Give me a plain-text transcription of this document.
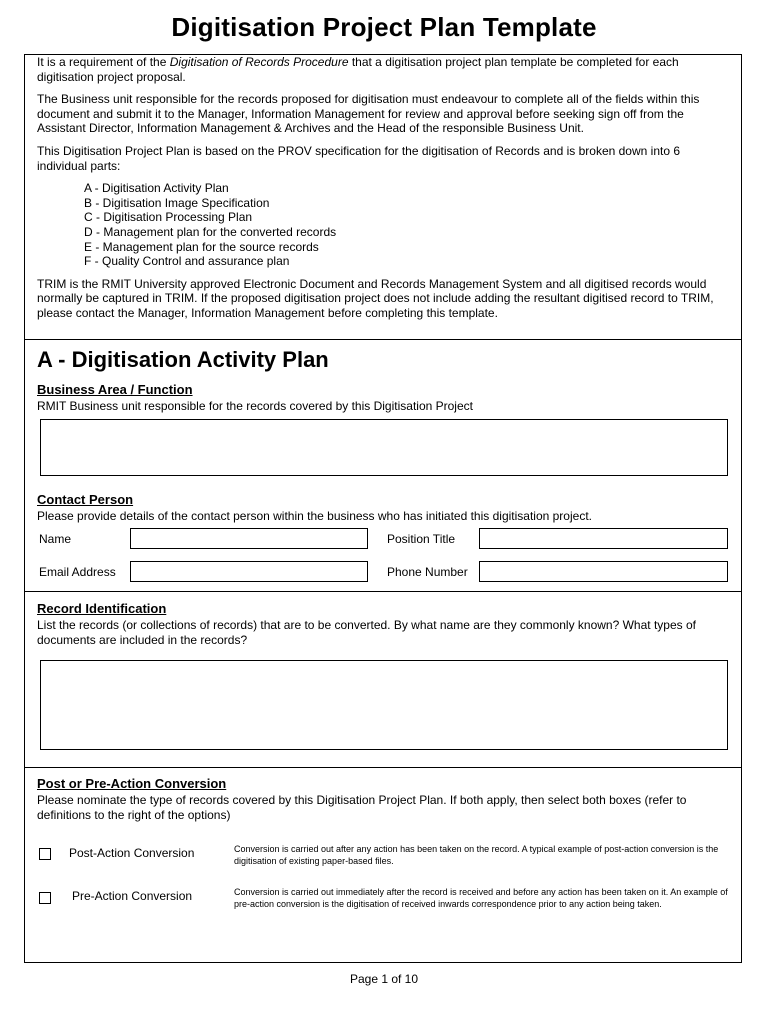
Digitisation Project Plan Template

It is a requirement of the Digitisation of Records Procedure that a digitisation project plan template be completed for each digitisation project proposal.

The Business unit responsible for the records proposed for digitisation must endeavour to complete all of the fields within this document and submit it to the Manager, Information Management for review and approval before seeking sign off from the Assistant Director, Information Management & Archives and the Head of the responsible Business Unit.

This Digitisation Project Plan is based on the PROV specification for the digitisation of Records and is broken down into 6 individual parts:

A - Digitisation Activity Plan
B - Digitisation Image Specification
C - Digitisation Processing Plan
D - Management plan for the converted records
E - Management plan for the source records
F - Quality Control and assurance plan

TRIM is the RMIT University approved Electronic Document and Records Management System and all digitised records would normally be captured in TRIM. If the proposed digitisation project does not include adding the resultant digitised record to TRIM, please contact the Manager, Information Management before completing this template.

A - Digitisation Activity Plan
Business Area / Function
RMIT Business unit responsible for the records covered by this Digitisation Project
Contact Person
Please provide details of the contact person within the business who has initiated this digitisation project.
Name	Position Title
Email Address	Phone Number
Record Identification
List the records (or collections of records) that are to be converted. By what name are they commonly known? What types of documents are included in the records?
Post or Pre-Action Conversion
Please nominate the type of records covered by this Digitisation Project Plan. If both apply, then select both boxes (refer to definitions to the right of the options)
Post-Action Conversion	Conversion is carried out after any action has been taken on the record. A typical example of post-action conversion is the digitisation of existing paper-based files.
Pre-Action Conversion	Conversion is carried out immediately after the record is received and before any action has been taken on it. An example of pre-action conversion is the digitisation of received inwards correspondence prior to any action being taken.
Page 1 of 10
